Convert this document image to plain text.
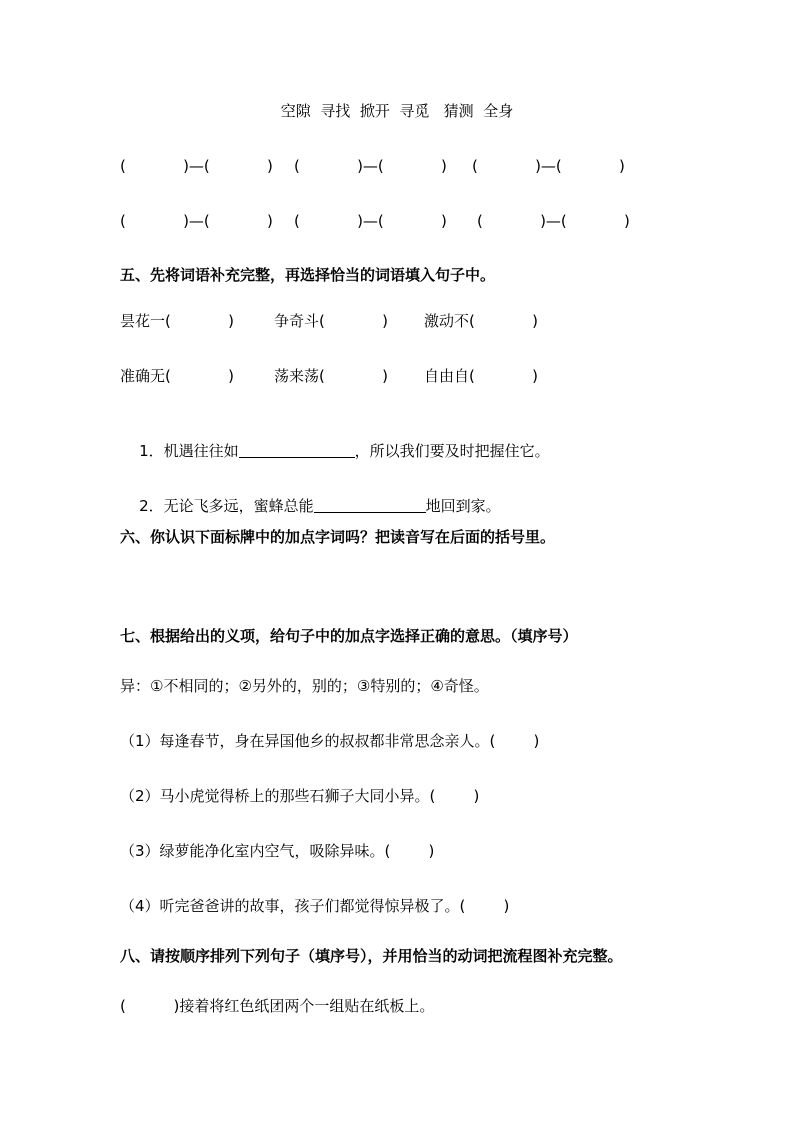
空隙  寻找  掀开  寻觅   猜测  全身
(            )—(            ) (            )—(            ) (            )—(            )
(            )—(            ) (            )—(            ) (            )—(            )
五、先将词语补充完整，再选择恰当的词语填入句子中。
昙花一(            )	争奇斗(            ) 激动不(            )
准确无(            )	荡来荡(            ) 自由自(            )

1．机遇往往如	，所以我们要及时把握住它。

2．无论飞多远，蜜蜂总能	地回到家。

六、你认识下面标牌中的加点字词吗？把读音写在后面的括号里。
七、根据给出的义项，给句子中的加点字选择正确的意思。（填序号）
异：①不相同的；②另外的，别的；③特别的；④奇怪。
（1）每逢春节，身在异国他乡的叔叔都非常思念亲人。(        )
（2）马小虎觉得桥上的那些石狮子大同小异。(        )
（3）绿萝能净化室内空气，吸除异味。(        )
（4）听完爸爸讲的故事，孩子们都觉得惊异极了。(        )
八、请按顺序排列下列句子（填序号），并用恰当的动词把流程图补充完整。
(          )接着将红色纸团两个一组贴在纸板上。
